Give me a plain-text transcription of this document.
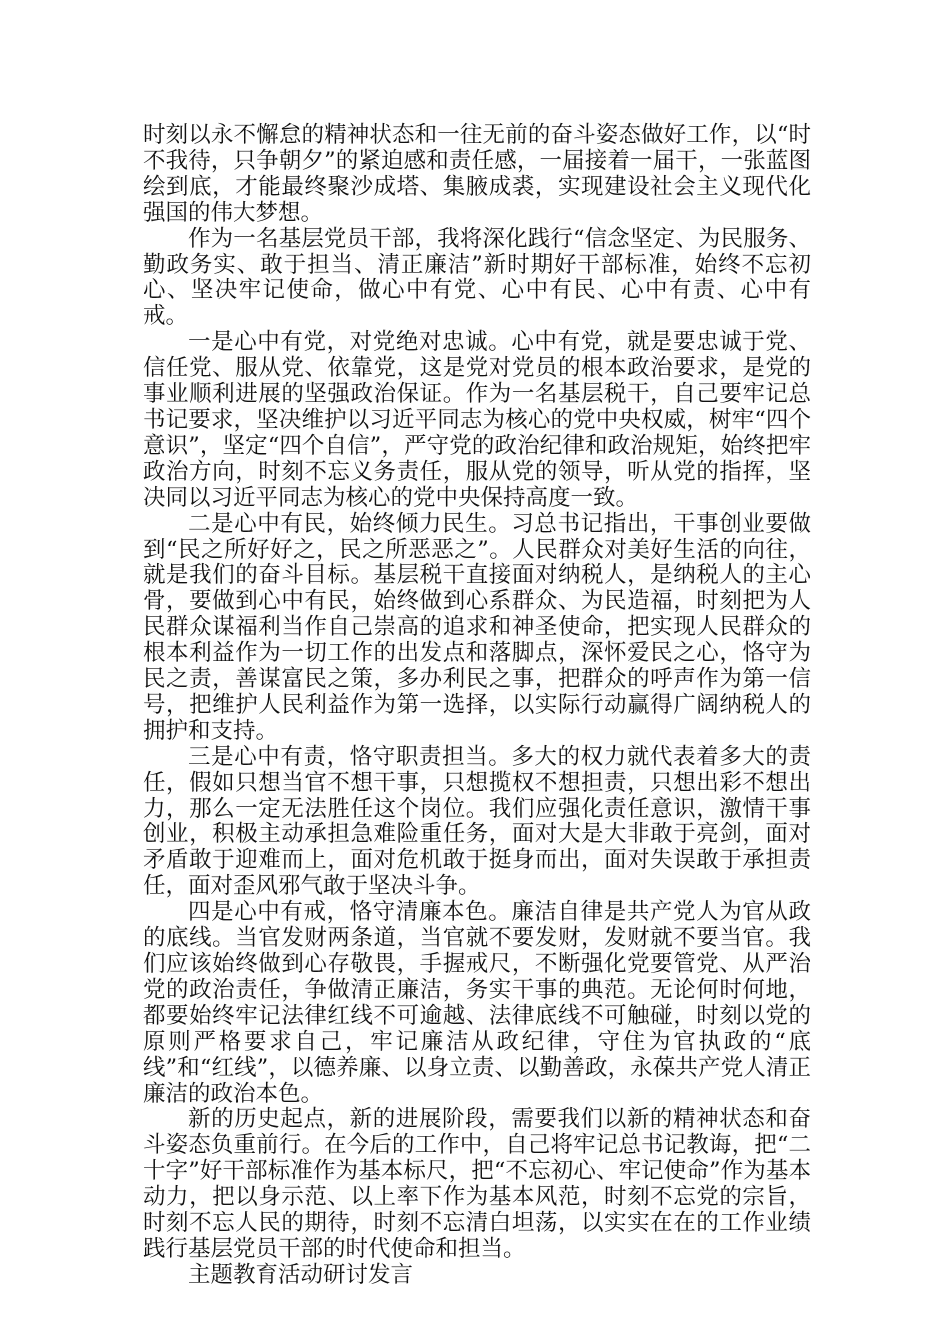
时刻以永不懈怠的精神状态和一往无前的奋斗姿态做好工作，以“时不我待，只争朝夕”的紧迫感和责任感，一届接着一届干，一张蓝图绘到底，才能最终聚沙成塔、集腋成裘，实现建设社会主义现代化强国的伟大梦想。

作为一名基层党员干部，我将深化践行“信念坚定、为民服务、勤政务实、敢于担当、清正廉洁”新时期好干部标准，始终不忘初心、坚决牢记使命，做心中有党、心中有民、心中有责、心中有戒。

一是心中有党，对党绝对忠诚。心中有党，就是要忠诚于党、信任党、服从党、依靠党，这是党对党员的根本政治要求，是党的事业顺利进展的坚强政治保证。作为一名基层税干，自己要牢记总书记要求，坚决维护以习近平同志为核心的党中央权威，树牢“四个意识”，坚定“四个自信”，严守党的政治纪律和政治规矩，始终把牢政治方向，时刻不忘义务责任，服从党的领导，听从党的指挥，坚决同以习近平同志为核心的党中央保持高度一致。

二是心中有民，始终倾力民生。习总书记指出，干事创业要做到“民之所好好之，民之所恶恶之”。人民群众对美好生活的向往，就是我们的奋斗目标。基层税干直接面对纳税人，是纳税人的主心骨，要做到心中有民，始终做到心系群众、为民造福，时刻把为人民群众谋福利当作自己崇高的追求和神圣使命，把实现人民群众的根本利益作为一切工作的出发点和落脚点，深怀爱民之心，恪守为民之责，善谋富民之策，多办利民之事，把群众的呼声作为第一信号，把维护人民利益作为第一选择，以实际行动赢得广阔纳税人的拥护和支持。

三是心中有责，恪守职责担当。多大的权力就代表着多大的责任，假如只想当官不想干事，只想揽权不想担责，只想出彩不想出力，那么一定无法胜任这个岗位。我们应强化责任意识，激情干事创业，积极主动承担急难险重任务，面对大是大非敢于亮剑，面对矛盾敢于迎难而上，面对危机敢于挺身而出，面对失误敢于承担责任，面对歪风邪气敢于坚决斗争。

四是心中有戒，恪守清廉本色。廉洁自律是共产党人为官从政的底线。当官发财两条道，当官就不要发财，发财就不要当官。我们应该始终做到心存敬畏，手握戒尺，不断强化党要管党、从严治党的政治责任，争做清正廉洁，务实干事的典范。无论何时何地，都要始终牢记法律红线不可逾越、法律底线不可触碰，时刻以党的原则严格要求自己，牢记廉洁从政纪律，守住为官执政的“底线”和“红线”，以德养廉、以身立责、以勤善政，永葆共产党人清正廉洁的政治本色。

新的历史起点，新的进展阶段，需要我们以新的精神状态和奋斗姿态负重前行。在今后的工作中，自己将牢记总书记教诲，把“二十字”好干部标准作为基本标尺，把“不忘初心、牢记使命”作为基本动力，把以身示范、以上率下作为基本风范，时刻不忘党的宗旨，时刻不忘人民的期待，时刻不忘清白坦荡，以实实在在的工作业绩践行基层党员干部的时代使命和担当。

主题教育活动研讨发言
